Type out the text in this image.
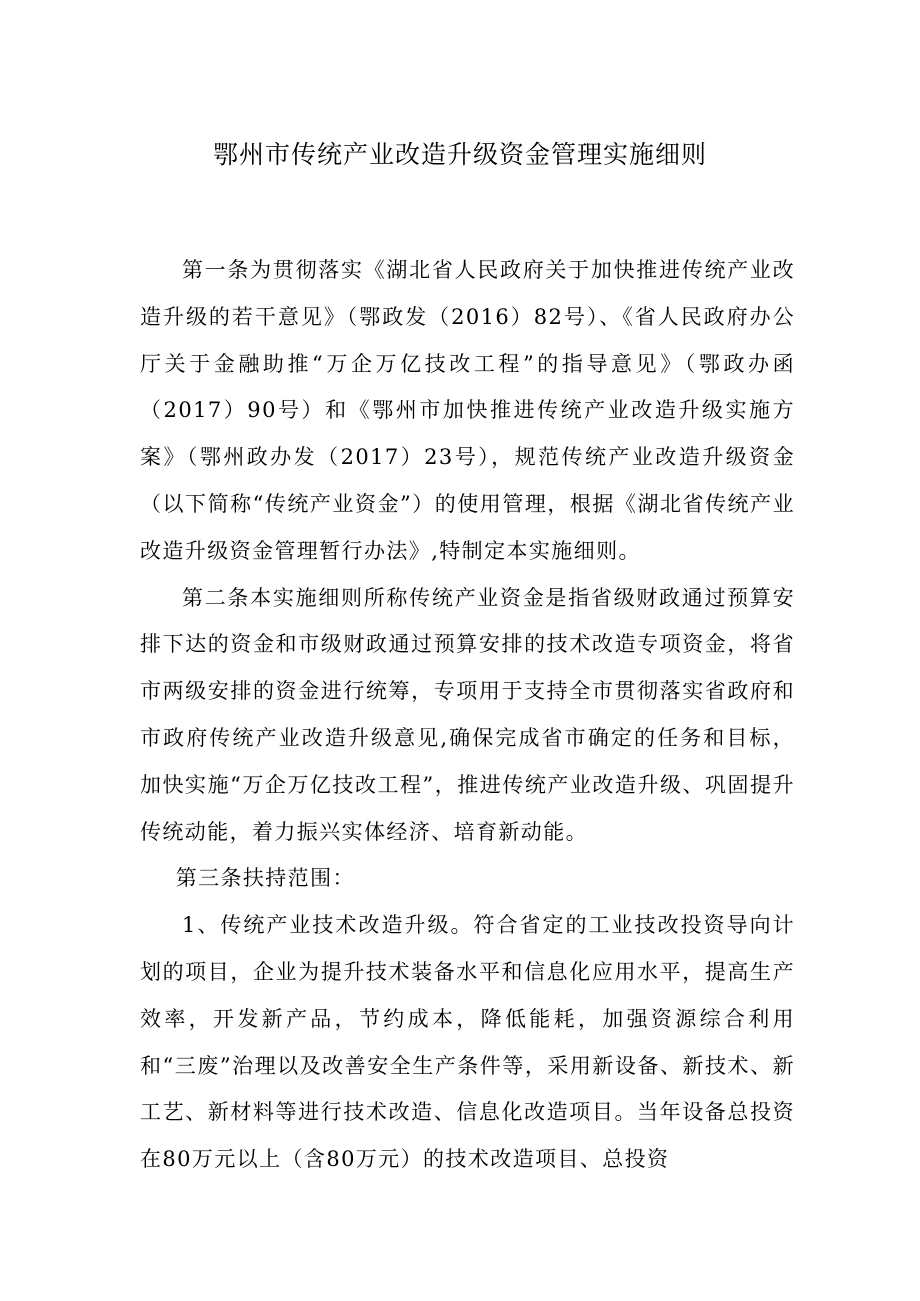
鄂州市传统产业改造升级资金管理实施细则

第一条为贯彻落实《湖北省人民政府关于加快推进传统产业改造升级的若干意见》（鄂政发（2016）82号）、《省人民政府办公厅关于金融助推“万企万亿技改工程”的指导意见》（鄂政办函（2017）90号）和《鄂州市加快推进传统产业改造升级实施方案》（鄂州政办发（2017）23号），规范传统产业改造升级资金（以下简称“传统产业资金”）的使用管理，根据《湖北省传统产业改造升级资金管理暂行办法》,特制定本实施细则。

第二条本实施细则所称传统产业资金是指省级财政通过预算安排下达的资金和市级财政通过预算安排的技术改造专项资金，将省市两级安排的资金进行统筹，专项用于支持全市贯彻落实省政府和市政府传统产业改造升级意见,确保完成省市确定的任务和目标，加快实施“万企万亿技改工程”，推进传统产业改造升级、巩固提升传统动能，着力振兴实体经济、培育新动能。

第三条扶持范围：

1、传统产业技术改造升级。符合省定的工业技改投资导向计划的项目，企业为提升技术装备水平和信息化应用水平，提高生产效率，开发新产品，节约成本，降低能耗，加强资源综合利用和“三废”治理以及改善安全生产条件等，采用新设备、新技术、新工艺、新材料等进行技术改造、信息化改造项目。当年设备总投资在80万元以上（含80万元）的技术改造项目、总投资
